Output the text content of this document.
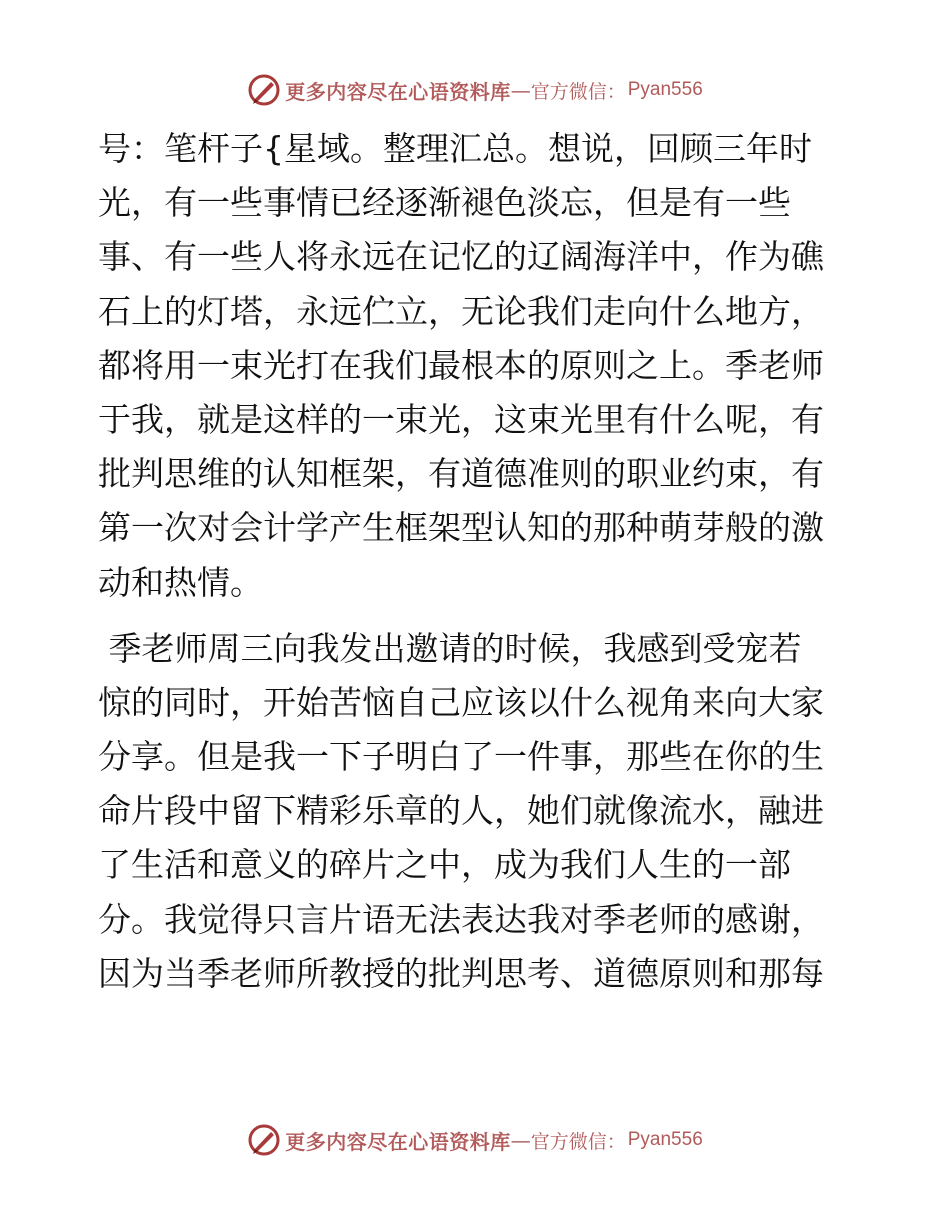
更多内容尽在心语资料库 — 官方微信： Pyan556
号：笔杆子{星域。整理汇总。想说，回顾三年时
光，有一些事情已经逐渐褪色淡忘，但是有一些
事、有一些人将永远在记忆的辽阔海洋中，作为礁
石上的灯塔，永远伫立，无论我们走向什么地方，
都将用一束光打在我们最根本的原则之上。季老师
于我，就是这样的一束光，这束光里有什么呢，有
批判思维的认知框架，有道德准则的职业约束，有
第一次对会计学产生框架型认知的那种萌芽般的激
动和热情。
季老师周三向我发出邀请的时候，我感到受宠若
惊的同时，开始苦恼自己应该以什么视角来向大家
分享。但是我一下子明白了一件事，那些在你的生
命片段中留下精彩乐章的人，她们就像流水，融进
了生活和意义的碎片之中，成为我们人生的一部
分。我觉得只言片语无法表达我对季老师的感谢，
因为当季老师所教授的批判思考、道德原则和那每
更多内容尽在心语资料库 — 官方微信： Pyan556
